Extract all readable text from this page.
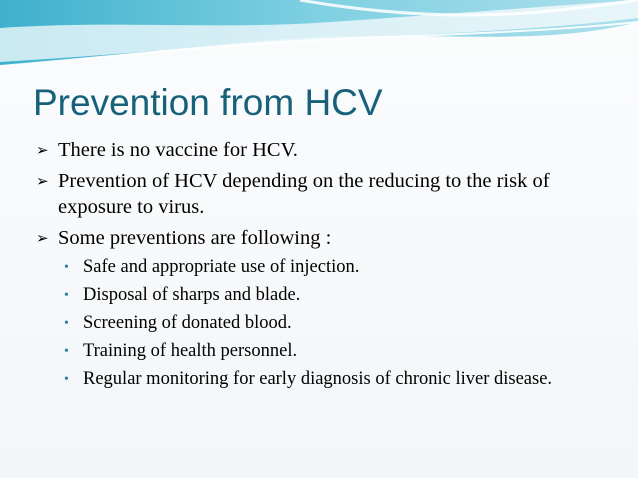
Prevention from HCV
➢ There is no vaccine for HCV.
➢ Prevention of HCV depending on the reducing to the risk of exposure to virus.
➢ Some preventions are following :
• Safe and appropriate use of injection.
• Disposal of sharps and blade.
• Screening of donated blood.
• Training of health personnel.
• Regular monitoring for early diagnosis of chronic liver disease.
